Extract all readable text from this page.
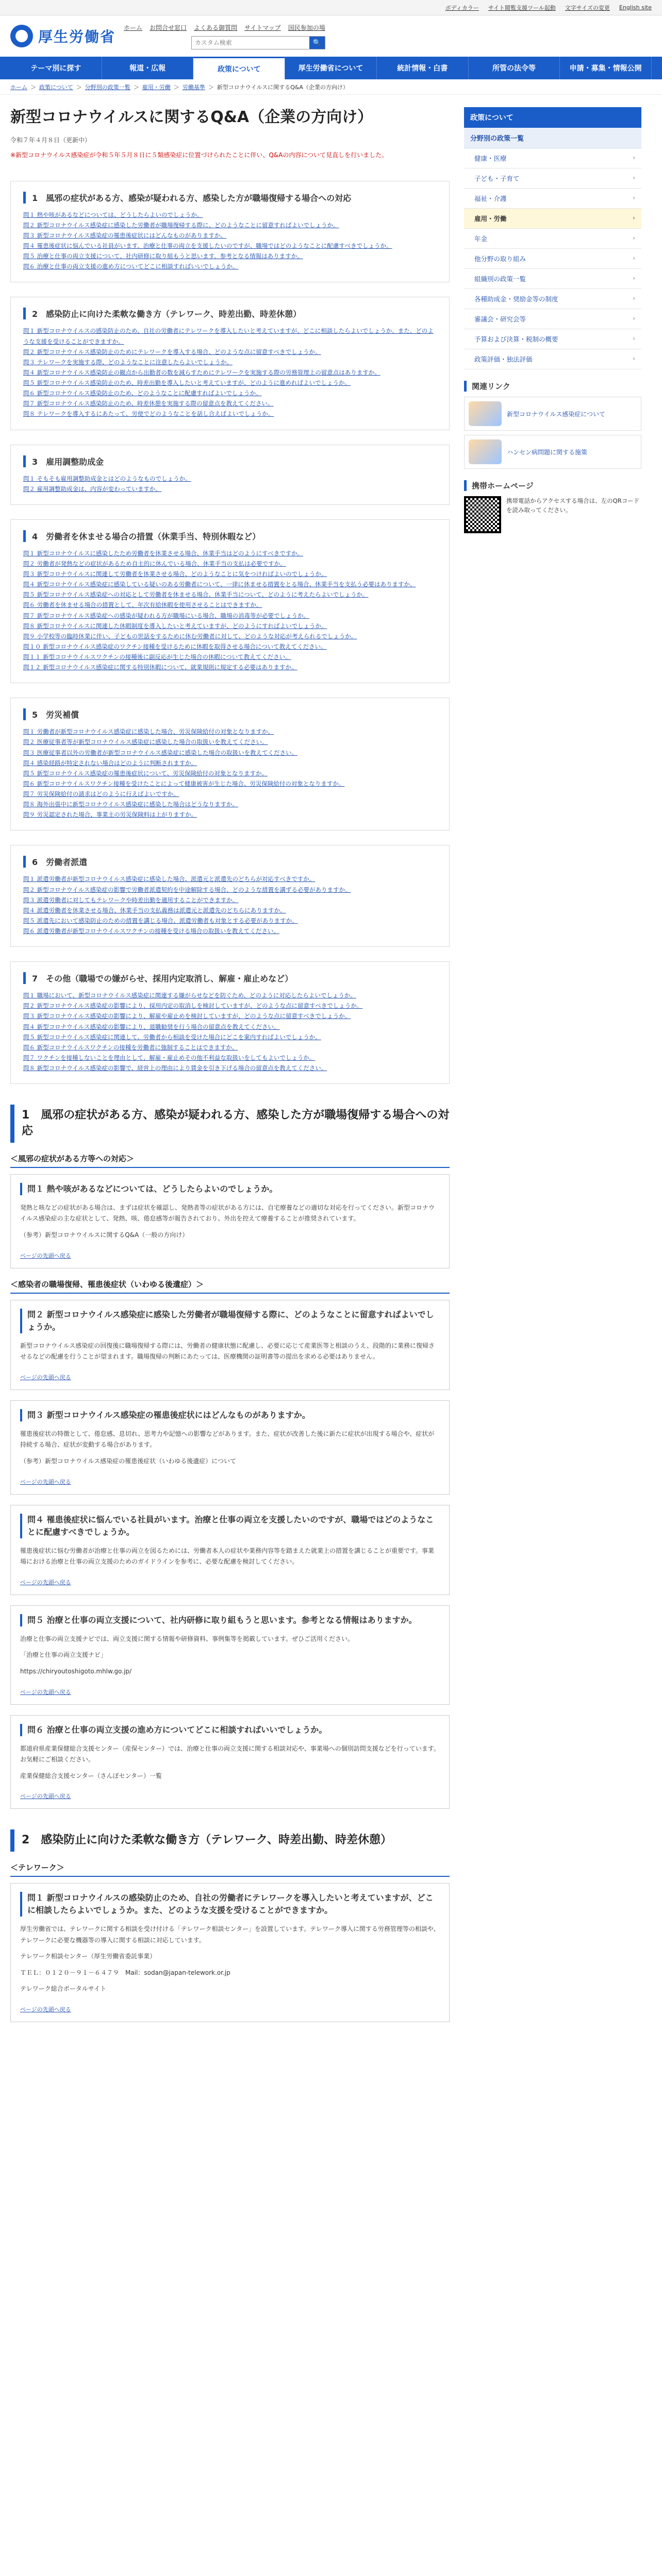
ボディカラー サイト閲覧支援ツール起動 文字サイズの変更 English site
厚生労働省
ホーム お問合せ窓口 よくある御質問 サイトマップ 国民参加の場
カスタム検索
🔍
テーマ別に探す	報道・広報	政策について	厚生労働省について	統計情報・白書	所管の法令等	申請・募集・情報公開
ホーム ＞ 政策について ＞ 分野別の政策一覧 ＞ 雇用・労働 ＞ 労働基準 ＞ 新型コロナウイルスに関するQ&A（企業の方向け）
新型コロナウイルスに関するQ&A（企業の方向け）
令和７年４月８日（更新中）
※新型コロナウイルス感染症が令和５年５月８日に５類感染症に位置づけられたことに伴い、Q&Aの内容について見直しを行いました。
1　風邪の症状がある方、感染が疑われる方、感染した方が職場復帰する場合への対応
問１ 熱や咳があるなどについては、どうしたらよいのでしょうか。
問２ 新型コロナウイルス感染症に感染した労働者が職場復帰する際に、どのようなことに留意すればよいでしょうか。
問３ 新型コロナウイルス感染症の罹患後症状にはどんなものがありますか。
問４ 罹患後症状に悩んでいる社員がいます。治療と仕事の両立を支援したいのですが、職場ではどのようなことに配慮すべきでしょうか。
問５ 治療と仕事の両立支援について、社内研修に取り組もうと思います。参考となる情報はありますか。
問６ 治療と仕事の両立支援の進め方についてどこに相談すればいいでしょうか。
2　感染防止に向けた柔軟な働き方（テレワーク、時差出勤、時差休憩）
問１ 新型コロナウイルスの感染防止のため、自社の労働者にテレワークを導入したいと考えていますが、どこに相談したらよいでしょうか。また、どのような支援を受けることができますか。
問２ 新型コロナウイルス感染防止のためにテレワークを導入する場合、どのような点に留意すべきでしょうか。
問３ テレワークを実施する際、どのようなことに注意したらよいでしょうか。
問４ 新型コロナウイルス感染防止の観点から出勤者の数を減らすためにテレワークを実施する際の労務管理上の留意点はありますか。
問５ 新型コロナウイルス感染防止のため、時差出勤を導入したいと考えていますが、どのように進めればよいでしょうか。
問６ 新型コロナウイルス感染防止のため、どのようなことに配慮すればよいでしょうか。
問７ 新型コロナウイルス感染防止のため、時差休憩を実施する際の留意点を教えてください。
問８ テレワークを導入するにあたって、労使でどのようなことを話し合えばよいでしょうか。
3　雇用調整助成金
問１ そもそも雇用調整助成金とはどのようなものでしょうか。
問２ 雇用調整助成金は、内容が変わっていますか。
4　労働者を休ませる場合の措置（休業手当、特別休暇など）
問１ 新型コロナウイルスに感染したため労働者を休業させる場合、休業手当はどのようにすべきですか。
問２ 労働者が発熱などの症状があるため自主的に休んでいる場合、休業手当の支払は必要ですか。
問３ 新型コロナウイルスに関連して労働者を休業させる場合、どのようなことに気をつければよいのでしょうか。
問４ 新型コロナウイルス感染症に感染している疑いのある労働者について、一律に休ませる措置をとる場合、休業手当を支払う必要はありますか。
問５ 新型コロナウイルス感染症への対応として労働者を休ませる場合、休業手当について、どのように考えたらよいでしょうか。
問６ 労働者を休ませる場合の措置として、年次有給休暇を使用させることはできますか。
問７ 新型コロナウイルス感染症への感染が疑われる方が職場にいる場合、職場の消毒等が必要でしょうか。
問８ 新型コロナウイルスに関連した休暇制度を導入したいと考えていますが、どのようにすればよいでしょうか。
問９ 小学校等の臨時休業に伴い、子どもの世話をするために休む労働者に対して、どのような対応が考えられるでしょうか。
問１０ 新型コロナウイルス感染症のワクチン接種を受けるために休暇を取得させる場合について教えてください。
問１１ 新型コロナウイルスワクチンの接種後に副反応が生じた場合の休暇について教えてください。
問１２ 新型コロナウイルス感染症に関する特別休暇について、就業規則に規定する必要はありますか。
5　労災補償
問１ 労働者が新型コロナウイルス感染症に感染した場合、労災保険給付の対象となりますか。
問２ 医療従事者等が新型コロナウイルス感染症に感染した場合の取扱いを教えてください。
問３ 医療従事者以外の労働者が新型コロナウイルス感染症に感染した場合の取扱いを教えてください。
問４ 感染経路が特定されない場合はどのように判断されますか。
問５ 新型コロナウイルス感染症の罹患後症状について、労災保険給付の対象となりますか。
問６ 新型コロナウイルスワクチン接種を受けたことによって健康被害が生じた場合、労災保険給付の対象となりますか。
問７ 労災保険給付の請求はどのように行えばよいですか。
問８ 海外出張中に新型コロナウイルス感染症に感染した場合はどうなりますか。
問９ 労災認定された場合、事業主の労災保険料は上がりますか。
6　労働者派遣
問１ 派遣労働者が新型コロナウイルス感染症に感染した場合、派遣元と派遣先のどちらが対応すべきですか。
問２ 新型コロナウイルス感染症の影響で労働者派遣契約を中途解除する場合、どのような措置を講ずる必要がありますか。
問３ 派遣労働者に対してもテレワークや時差出勤を適用することができますか。
問４ 派遣労働者を休業させる場合、休業手当の支払義務は派遣元と派遣先のどちらにありますか。
問５ 派遣先において感染防止のための措置を講じる場合、派遣労働者も対象とする必要がありますか。
問６ 派遣労働者が新型コロナウイルスワクチンの接種を受ける場合の取扱いを教えてください。
7　その他（職場での嫌がらせ、採用内定取消し、解雇・雇止めなど）
問１ 職場において、新型コロナウイルス感染症に関連する嫌がらせなどを防ぐため、どのように対応したらよいでしょうか。
問２ 新型コロナウイルス感染症の影響により、採用内定の取消しを検討していますが、どのような点に留意すべきでしょうか。
問３ 新型コロナウイルス感染症の影響により、解雇や雇止めを検討していますが、どのような点に留意すべきでしょうか。
問４ 新型コロナウイルス感染症の影響により、退職勧奨を行う場合の留意点を教えてください。
問５ 新型コロナウイルス感染症に関連して、労働者から相談を受けた場合にどこを案内すればよいでしょうか。
問６ 新型コロナウイルスワクチンの接種を労働者に強制することはできますか。
問７ ワクチンを接種しないことを理由として、解雇・雇止めその他不利益な取扱いをしてもよいでしょうか。
問８ 新型コロナウイルス感染症の影響で、経営上の理由により賃金を引き下げる場合の留意点を教えてください。
1　風邪の症状がある方、感染が疑われる方、感染した方が職場復帰する場合への対応
＜風邪の症状がある方等への対応＞
問１ 熱や咳があるなどについては、どうしたらよいのでしょうか。

発熱と咳などの症状がある場合は、まずは症状を確認し、発熱者等の症状がある方には、自宅療養などの適切な対応を行ってください。新型コロナウイルス感染症の主な症状として、発熱、咳、倦怠感等が報告されており、外出を控えて療養することが推奨されています。

（参考）新型コロナウイルスに関するQ&A（一般の方向け）

ページの先頭へ戻る
＜感染者の職場復帰、罹患後症状（いわゆる後遺症）＞
問２ 新型コロナウイルス感染症に感染した労働者が職場復帰する際に、どのようなことに留意すればよいでしょうか。

新型コロナウイルス感染症の回復後に職場復帰する際には、労働者の健康状態に配慮し、必要に応じて産業医等と相談のうえ、段階的に業務に復帰させるなどの配慮を行うことが望まれます。職場復帰の判断にあたっては、医療機関の証明書等の提出を求める必要はありません。

ページの先頭へ戻る
問３ 新型コロナウイルス感染症の罹患後症状にはどんなものがありますか。

罹患後症状の特徴として、倦怠感、息切れ、思考力や記憶への影響などがあります。また、症状が改善した後に新たに症状が出現する場合や、症状が持続する場合、症状が変動する場合があります。

（参考）新型コロナウイルス感染症の罹患後症状（いわゆる後遺症）について

ページの先頭へ戻る
問４ 罹患後症状に悩んでいる社員がいます。治療と仕事の両立を支援したいのですが、職場ではどのようなことに配慮すべきでしょうか。

罹患後症状に悩む労働者が治療と仕事の両立を図るためには、労働者本人の症状や業務内容等を踏まえた就業上の措置を講じることが重要です。事業場における治療と仕事の両立支援のためのガイドラインを参考に、必要な配慮を検討してください。

ページの先頭へ戻る
問５ 治療と仕事の両立支援について、社内研修に取り組もうと思います。参考となる情報はありますか。

治療と仕事の両立支援ナビでは、両立支援に関する情報や研修資料、事例集等を掲載しています。ぜひご活用ください。

「治療と仕事の両立支援ナビ」

https://chiryoutoshigoto.mhlw.go.jp/

ページの先頭へ戻る
問６ 治療と仕事の両立支援の進め方についてどこに相談すればいいでしょうか。

都道府県産業保健総合支援センター（産保センター）では、治療と仕事の両立支援に関する相談対応や、事業場への個別訪問支援などを行っています。お気軽にご相談ください。

産業保健総合支援センター（さんぽセンター）一覧

ページの先頭へ戻る
2　感染防止に向けた柔軟な働き方（テレワーク、時差出勤、時差休憩）
＜テレワーク＞
問１ 新型コロナウイルスの感染防止のため、自社の労働者にテレワークを導入したいと考えていますが、どこに相談したらよいでしょうか。また、どのような支援を受けることができますか。

厚生労働省では、テレワークに関する相談を受け付ける「テレワーク相談センター」を設置しています。テレワーク導入に関する労務管理等の相談や、テレワークに必要な機器等の導入に関する相談に対応しています。

テレワーク相談センター（厚生労働省委託事業）

ＴＥＬ：０１２０－９１－６４７９　Mail：sodan@japan-telework.or.jp

テレワーク総合ポータルサイト

ページの先頭へ戻る
政策について
分野別の政策一覧
健康・医療	›
子ども・子育て	›
福祉・介護	›
雇用・労働	›
年金	›
他分野の取り組み	›
組織別の政策一覧	›
各種助成金・奨励金等の制度	›
審議会・研究会等	›
予算および決算・税制の概要	›
政策評価・独法評価	›
関連リンク
新型コロナウイルス感染症について
ハンセン病問題に関する施策
携帯ホームページ
携帯電話からアクセスする場合は、左のQRコードを読み取ってください。
